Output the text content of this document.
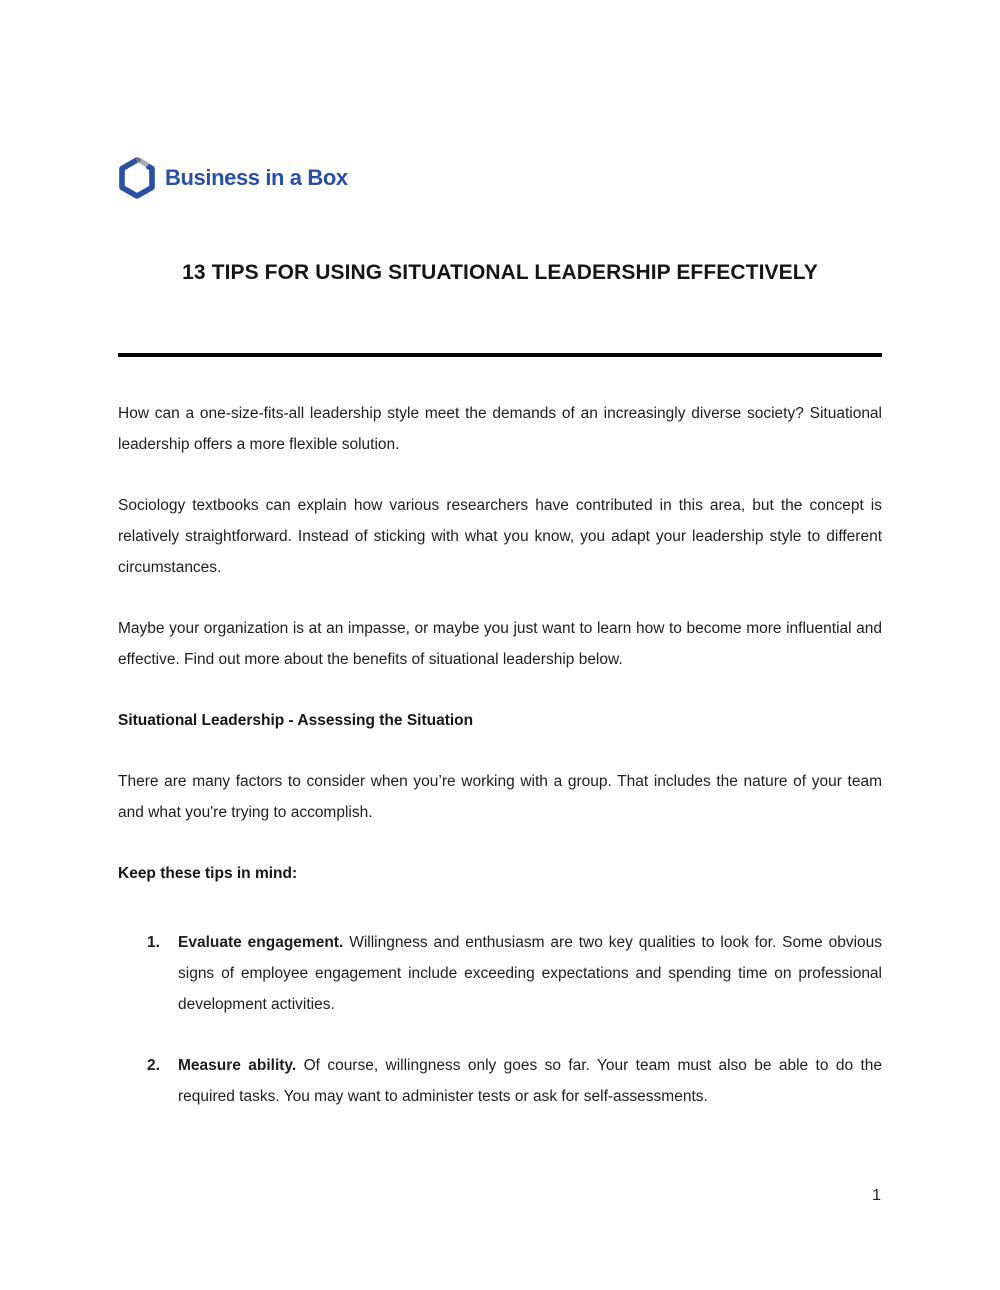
Business in a Box
13 TIPS FOR USING SITUATIONAL LEADERSHIP EFFECTIVELY

How can a one-size-fits-all leadership style meet the demands of an increasingly diverse society? Situational leadership offers a more flexible solution.

Sociology textbooks can explain how various researchers have contributed in this area, but the concept is relatively straightforward. Instead of sticking with what you know, you adapt your leadership style to different circumstances.

Maybe your organization is at an impasse, or maybe you just want to learn how to become more influential and effective. Find out more about the benefits of situational leadership below.

Situational Leadership - Assessing the Situation

There are many factors to consider when you’re working with a group. That includes the nature of your team and what you're trying to accomplish.

Keep these tips in mind:
1.	Evaluate engagement. Willingness and enthusiasm are two key qualities to look for. Some obvious signs of employee engagement include exceeding expectations and spending time on professional development activities.
2.	Measure ability. Of course, willingness only goes so far. Your team must also be able to do the required tasks. You may want to administer tests or ask for self-assessments.
1
